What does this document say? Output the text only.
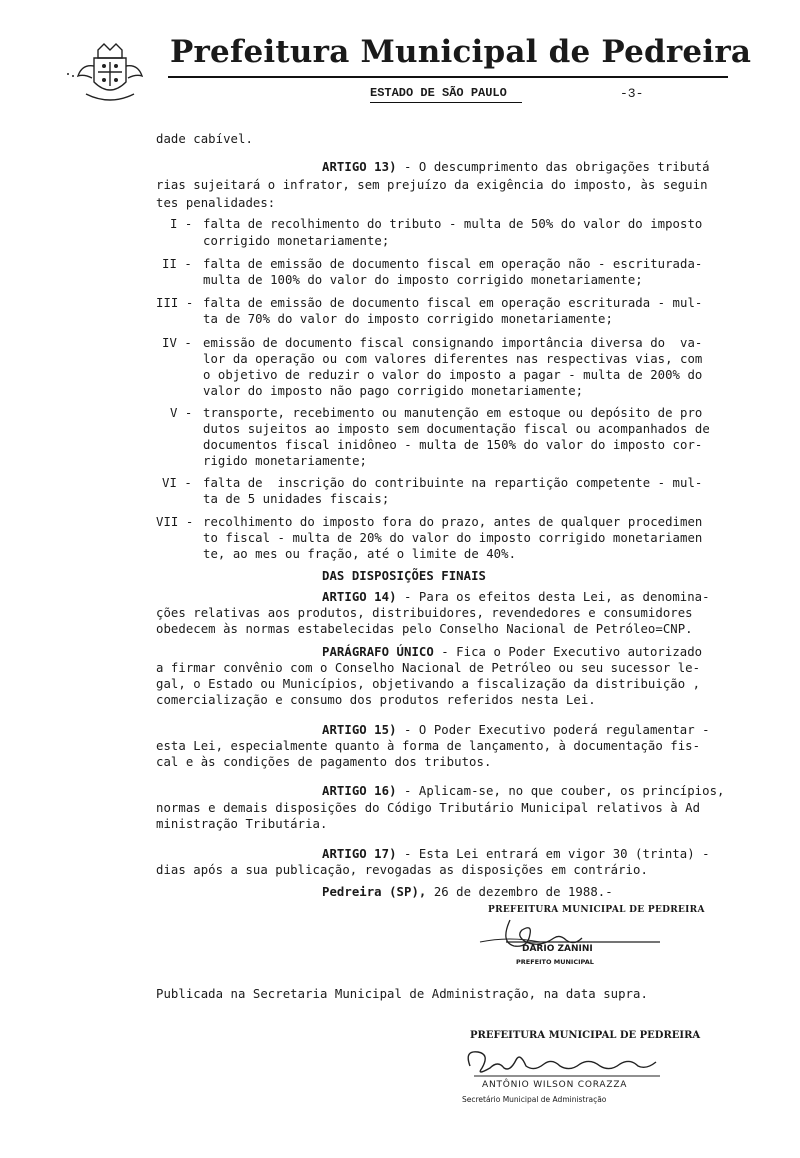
Prefeitura Municipal de Pedreira
ESTADO DE SÃO PAULO	-3-
dade cabível.
ARTIGO 13) - O descumprimento das obrigações tributá
rias sujeitará o infrator, sem prejuízo da exigência do imposto, às seguin
tes penalidades:
I - falta de recolhimento do tributo - multa de 50% do valor do imposto
corrigido monetariamente;
II - falta de emissão de documento fiscal em operação não - escriturada-
multa de 100% do valor do imposto corrigido monetariamente;
III - falta de emissão de documento fiscal em operação escriturada - mul-
ta de 70% do valor do imposto corrigido monetariamente;
IV - emissão de documento fiscal consignando importância diversa do  va-
lor da operação ou com valores diferentes nas respectivas vias, com
o objetivo de reduzir o valor do imposto a pagar - multa de 200% do
valor do imposto não pago corrigido monetariamente;
V - transporte, recebimento ou manutenção em estoque ou depósito de pro
dutos sujeitos ao imposto sem documentação fiscal ou acompanhados de
documentos fiscal inidôneo - multa de 150% do valor do imposto cor-
rigido monetariamente;
VI - falta de  inscrição do contribuinte na repartição competente - mul-
ta de 5 unidades fiscais;
VII - recolhimento do imposto fora do prazo, antes de qualquer procedimen
to fiscal - multa de 20% do valor do imposto corrigido monetariamen
te, ao mes ou fração, até o limite de 40%.
DAS DISPOSIÇÕES FINAIS
ARTIGO 14) - Para os efeitos desta Lei, as denomina-
ções relativas aos produtos, distribuidores, revendedores e consumidores
obedecem às normas estabelecidas pelo Conselho Nacional de Petróleo=CNP.
PARÁGRAFO ÚNICO - Fica o Poder Executivo autorizado
a firmar convênio com o Conselho Nacional de Petróleo ou seu sucessor le-
gal, o Estado ou Municípios, objetivando a fiscalização da distribuição ,
comercialização e consumo dos produtos referidos nesta Lei.
ARTIGO 15) - O Poder Executivo poderá regulamentar -
esta Lei, especialmente quanto à forma de lançamento, à documentação fis-
cal e às condições de pagamento dos tributos.
ARTIGO 16) - Aplicam-se, no que couber, os princípios,
normas e demais disposições do Código Tributário Municipal relativos à Ad
ministração Tributária.
ARTIGO 17) - Esta Lei entrará em vigor 30 (trinta) -
dias após a sua publicação, revogadas as disposições em contrário.
Pedreira (SP), 26 de dezembro de 1988.-
Publicada na Secretaria Municipal de Administração, na data supra.
PREFEITURA MUNICIPAL DE PEDREIRA
DARIO ZANINI
PREFEITO MUNICIPAL
PREFEITURA MUNICIPAL DE PEDREIRA
ANTÔNIO WILSON CORAZZA
Secretário Municipal de Administração
